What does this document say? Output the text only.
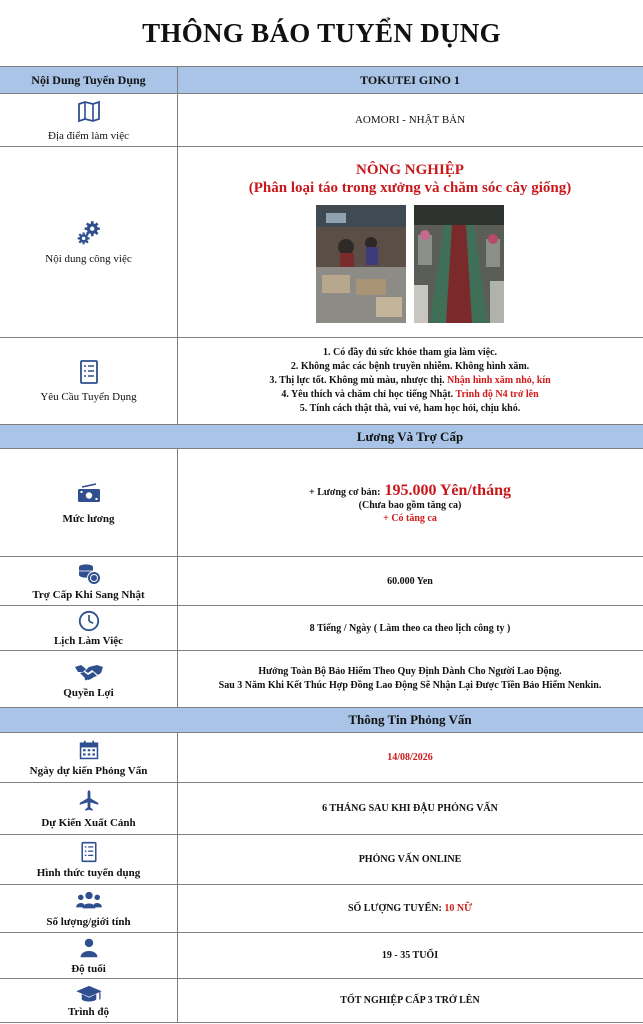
THÔNG BÁO TUYỂN DỤNG
Nội Dung Tuyển Dụng	TOKUTEI GINO 1
Địa điểm làm việc
AOMORI - NHẬT BẢN
Nội dung công việc
NÔNG NGHIỆP
(Phân loại táo trong xưởng và chăm sóc cây giống)
Yêu Cầu Tuyển Dụng
1. Có đầy đủ sức khỏe tham gia làm việc.
2. Không mắc các bệnh truyền nhiễm. Không hình xăm.
3. Thị lực tốt. Không mù màu, nhược thị. Nhận hình xăm nhỏ, kín
4. Yêu thích và chăm chỉ học tiếng Nhật. Trình độ N4 trở lên
5. Tính cách thật thà, vui vẻ, ham học hỏi, chịu khó.
Lương Và Trợ Cấp
Mức lương
+ Lương cơ bản: 195.000 Yên/tháng
(Chưa bao gồm tăng ca)
+ Có tăng ca
Trợ Cấp Khi Sang Nhật
60.000 Yen
Lịch Làm Việc
8 Tiếng / Ngày ( Làm theo ca theo lịch công ty )
Quyền Lợi
Hưởng Toàn Bộ Bảo Hiểm Theo Quy Định Dành Cho Người Lao Động.
Sau 3 Năm Khi Kết Thúc Hợp Đồng Lao Động Sẽ Nhận Lại Được Tiền Bảo Hiểm Nenkin.
Thông Tin Phỏng Vấn
Ngày dự kiến Phỏng Vấn
14/08/2026
Dự Kiến Xuất Cảnh
6 THÁNG SAU KHI ĐẬU PHỎNG VẤN
Hình thức tuyển dụng
PHỎNG VẤN ONLINE
Số lượng/giới tính
SỐ LƯỢNG TUYỂN: 10 NỮ
Độ tuổi
19 - 35 TUỔI
Trình độ
TỐT NGHIỆP CẤP 3 TRỞ LÊN
